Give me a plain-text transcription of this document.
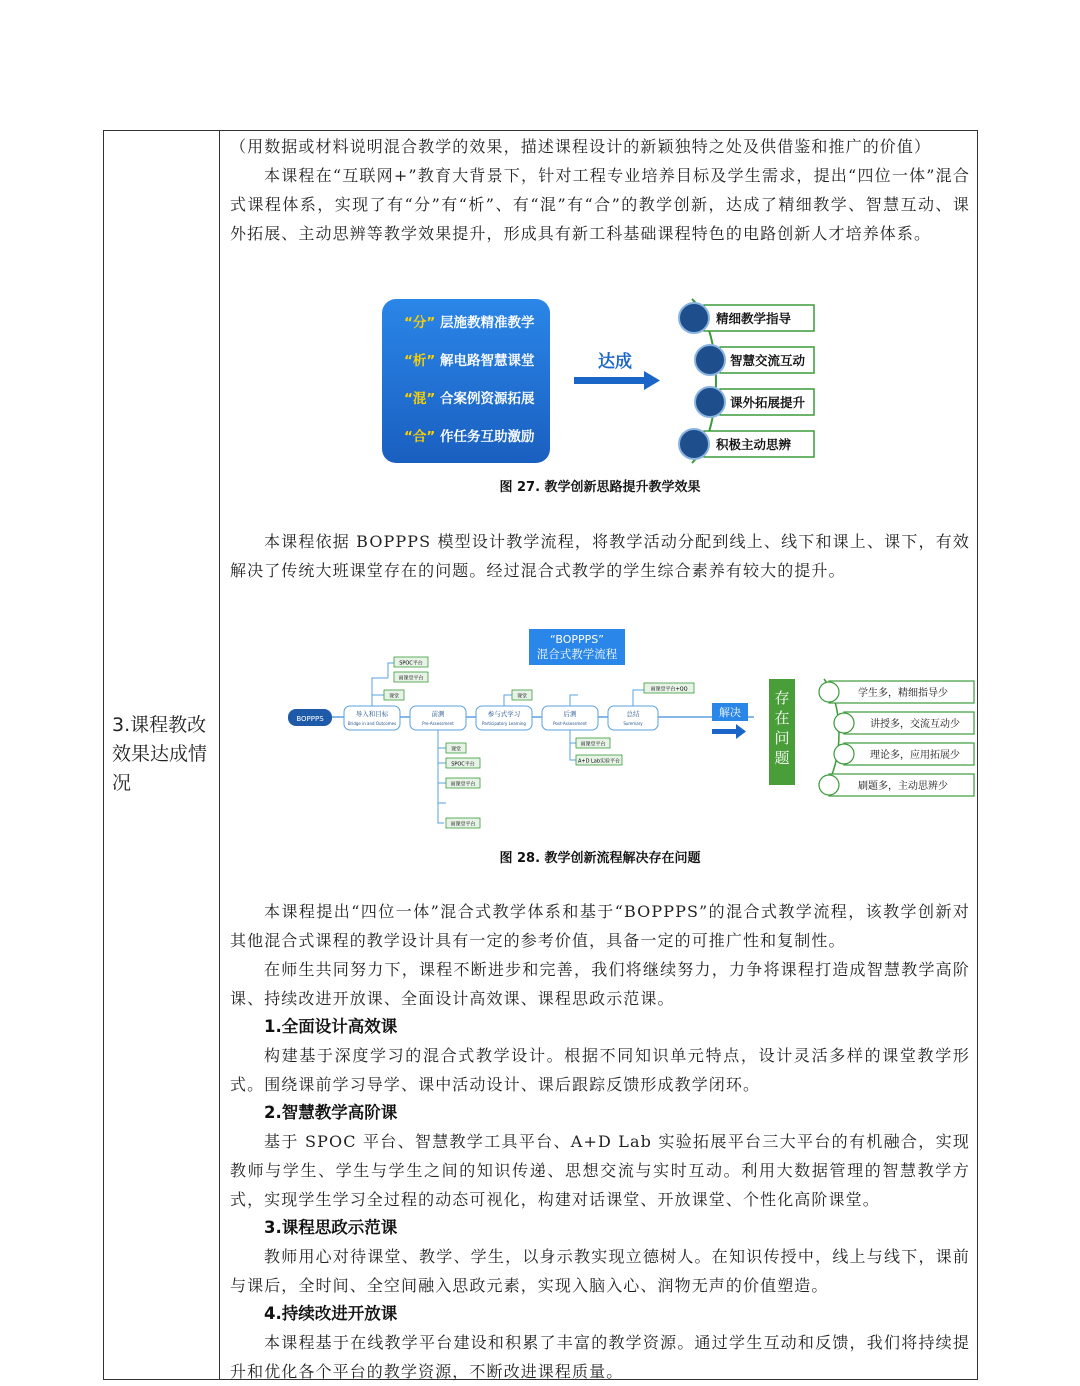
3.课程教改效果达成情况

（用数据或材料说明混合教学的效果，描述课程设计的新颖独特之处及供借鉴和推广的价值）

本课程在“互联网+”教育大背景下，针对工程专业培养目标及学生需求，提出“四位一体”混合式课程体系，实现了有“分”有“析”、有“混”有“合”的教学创新，达成了精细教学、智慧互动、课外拓展、主动思辨等教学效果提升，形成具有新工科基础课程特色的电路创新人才培养体系。

“分” 层施教精准教学
“析” 解电路智慧课堂
“混” 合案例资源拓展
“合” 作任务互助激励
达成
精细教学指导
智慧交流互动
课外拓展提升
积极主动思辨
图 27. 教学创新思路提升教学效果

本课程依据 BOPPPS 模型设计教学流程，将教学活动分配到线上、线下和课上、课下，有效解决了传统大班课堂存在的问题。经过混合式教学的学生综合素养有较大的提升。

“BOPPPS”
混合式教学流程
BOPPPS
导入和目标
Bridge in and Outcomes
前测
Pre-Assessment
参与式学习
Participatory Learning
后测
Post-Assessment
总结
Summary
SPOC平台
雨课堂平台
课堂	课堂
雨课堂平台+QQ
课堂
SPOC平台
雨课堂平台
雨课堂平台
雨课堂平台
A+D Lab实验平台
解决
存
在
问
题
学生多，精细指导少
讲授多，交流互动少
理论多，应用拓展少
刷题多，主动思辨少
图 28. 教学创新流程解决存在问题

本课程提出“四位一体”混合式教学体系和基于“BOPPPS”的混合式教学流程，该教学创新对其他混合式课程的教学设计具有一定的参考价值，具备一定的可推广性和复制性。

在师生共同努力下，课程不断进步和完善，我们将继续努力，力争将课程打造成智慧教学高阶课、持续改进开放课、全面设计高效课、课程思政示范课。

1.全面设计高效课

构建基于深度学习的混合式教学设计。根据不同知识单元特点，设计灵活多样的课堂教学形式。围绕课前学习导学、课中活动设计、课后跟踪反馈形成教学闭环。

2.智慧教学高阶课

基于 SPOC 平台、智慧教学工具平台、A+D Lab 实验拓展平台三大平台的有机融合，实现教师与学生、学生与学生之间的知识传递、思想交流与实时互动。利用大数据管理的智慧教学方式，实现学生学习全过程的动态可视化，构建对话课堂、开放课堂、个性化高阶课堂。

3.课程思政示范课

教师用心对待课堂、教学、学生，以身示教实现立德树人。在知识传授中，线上与线下，课前与课后，全时间、全空间融入思政元素，实现入脑入心、润物无声的价值塑造。

4.持续改进开放课

本课程基于在线教学平台建设和积累了丰富的教学资源。通过学生互动和反馈，我们将持续提升和优化各个平台的教学资源，不断改进课程质量。
